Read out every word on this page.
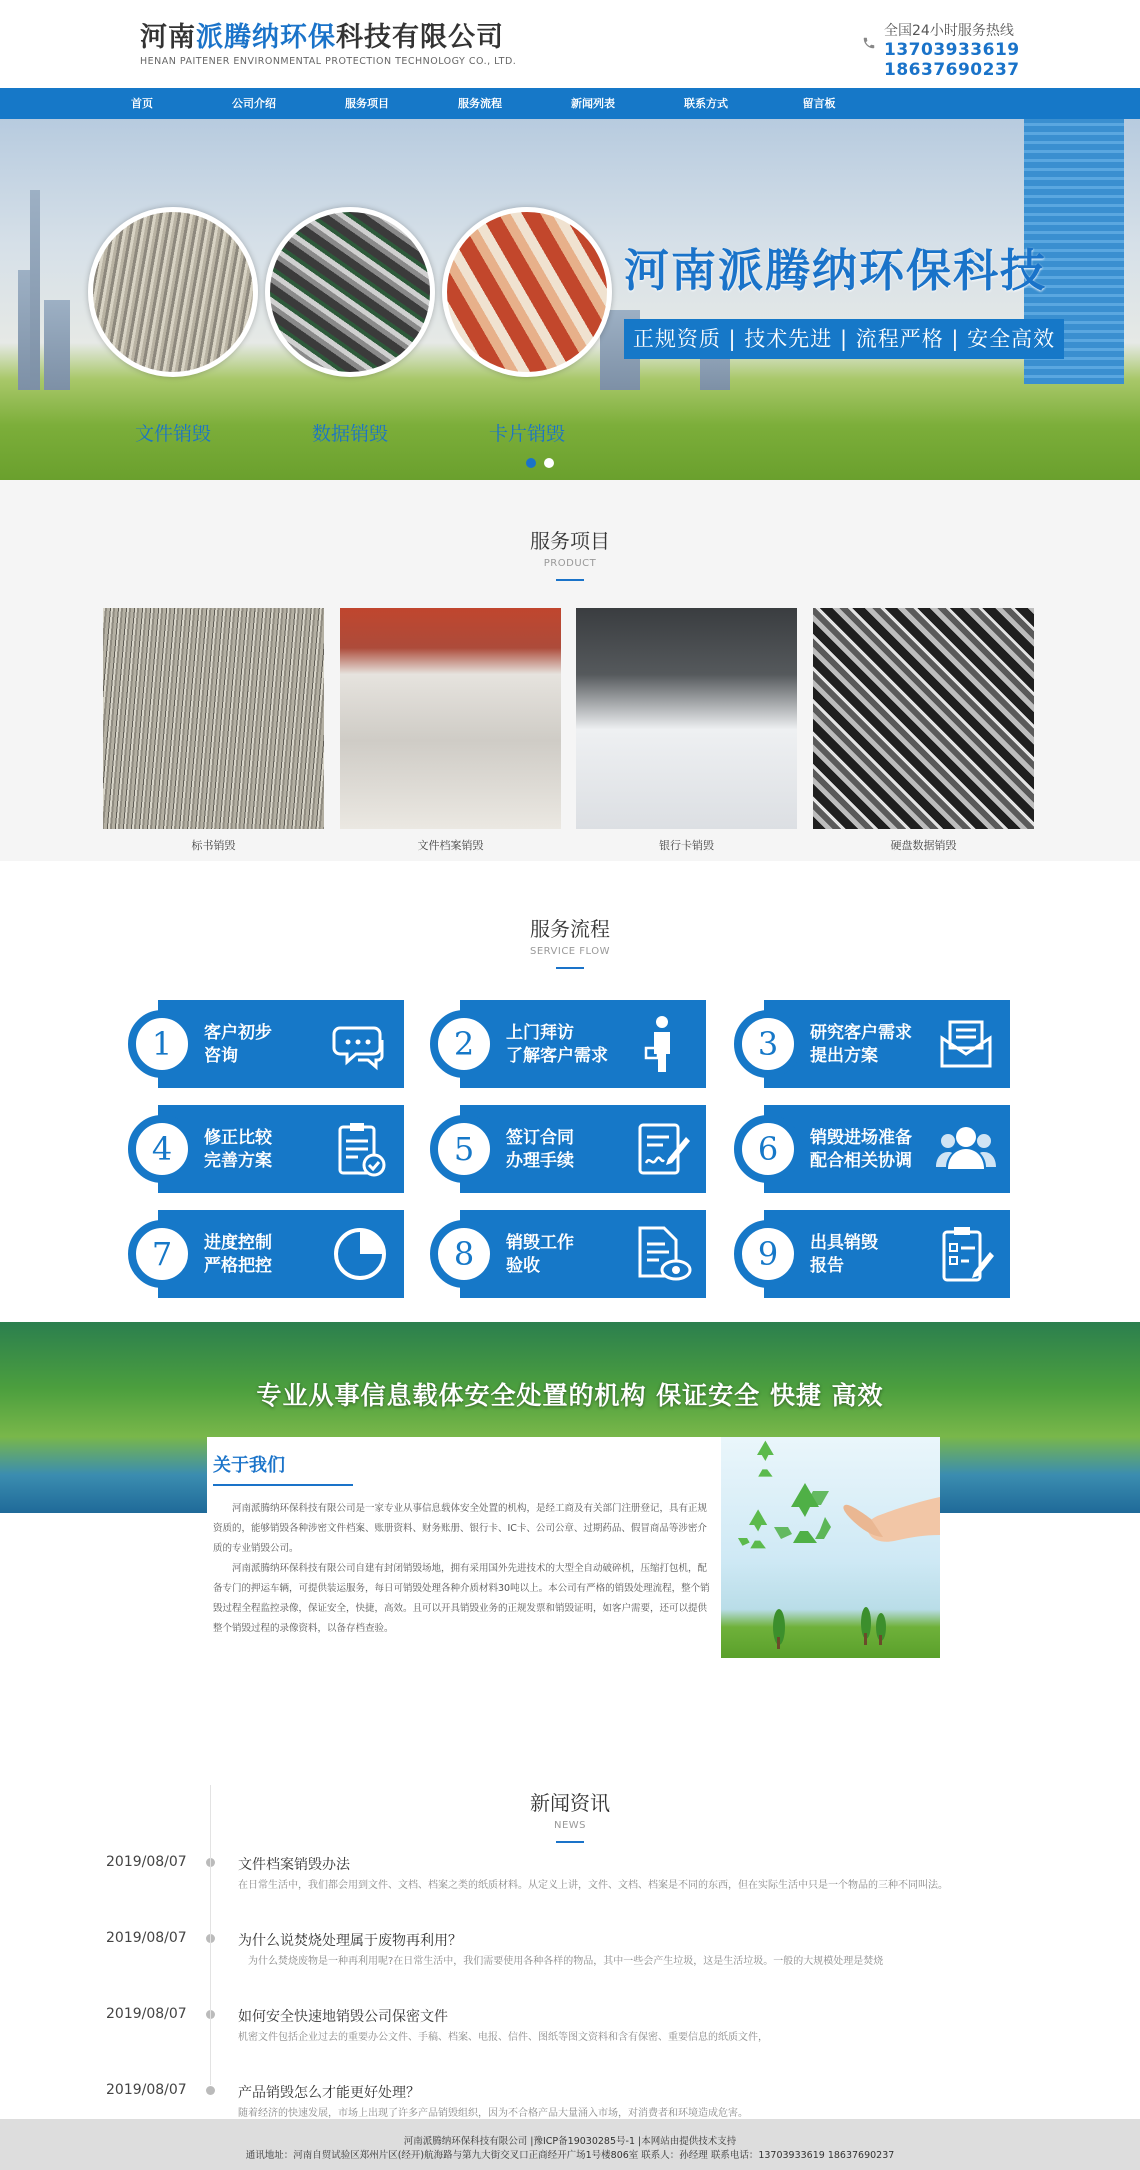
河南派腾纳环保科技有限公司
HENAN PAITENER ENVIRONMENTAL PROTECTION TECHNOLOGY CO., LTD.
全国24小时服务热线
13703933619
18637690237
首页	公司介绍	服务项目	服务流程	新闻列表	联系方式	留言板
文件销毁	数据销毁	卡片销毁
河南派腾纳环保科技
正规资质 | 技术先进 | 流程严格 | 安全高效
服务项目
PRODUCT
标书销毁	文件档案销毁	银行卡销毁	硬盘数据销毁
服务流程
SERVICE FLOW
1	客户初步
咨询	2	上门拜访
了解客户需求	3	研究客户需求
提出方案
4	修正比较
完善方案	5	签订合同
办理手续	6	销毁进场准备
配合相关协调
7	进度控制
严格把控	8	销毁工作
验收	9	出具销毁
报告
专业从事信息载体安全处置的机构 保证安全 快捷 高效
关于我们

河南派腾纳环保科技有限公司是一家专业从事信息载体安全处置的机构，是经工商及有关部门注册登记，具有正规资质的，能够销毁各种涉密文件档案、账册资料、财务账册、银行卡、IC卡、公司公章、过期药品、假冒商品等涉密介质的专业销毁公司。

河南派腾纳环保科技有限公司自建有封闭销毁场地，拥有采用国外先进技术的大型全自动破碎机，压缩打包机，配备专门的押运车辆，可提供装运服务，每日可销毁处理各种介质材料30吨以上。本公司有严格的销毁处理流程，整个销毁过程全程监控录像，保证安全，快捷，高效。且可以开具销毁业务的正规发票和销毁证明，如客户需要，还可以提供整个销毁过程的录像资料，以备存档查验。

新闻资讯
NEWS
2019/08/07	文件档案销毁办法
在日常生活中，我们都会用到文件、文档、档案之类的纸质材料。从定义上讲，文件、文档、档案是不同的东西，但在实际生活中只是一个物品的三种不同叫法。
2019/08/07	为什么说焚烧处理属于废物再利用？
为什么焚烧废物是一种再利用呢?在日常生活中，我们需要使用各种各样的物品，其中一些会产生垃圾，这是生活垃圾。一般的大规模处理是焚烧
2019/08/07	如何安全快速地销毁公司保密文件
机密文件包括企业过去的重要办公文件、手稿、档案、电报、信件、图纸等图文资料和含有保密、重要信息的纸质文件，
2019/08/07	产品销毁怎么才能更好处理？
随着经济的快速发展，市场上出现了许多产品销毁组织，因为不合格产品大量涌入市场，对消费者和环境造成危害。
河南派腾纳环保科技有限公司 |豫ICP备19030285号-1 |本网站由提供技术支持
通讯地址：河南自贸试验区郑州片区(经开)航海路与第九大街交叉口正商经开广场1号楼806室 联系人：孙经理 联系电话：13703933619 18637690237
